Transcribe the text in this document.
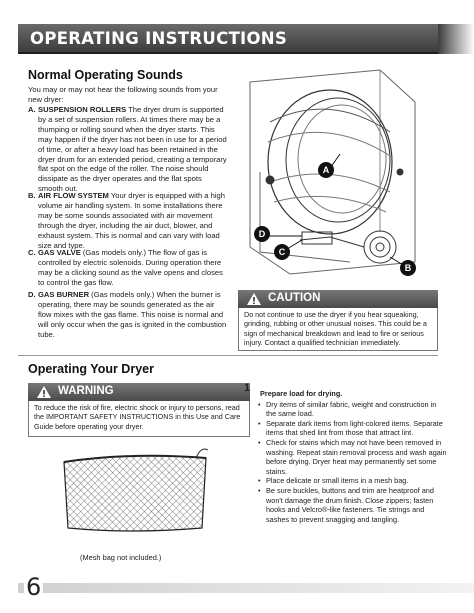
OPERATING INSTRUCTIONS
Normal Operating Sounds
You may or may not hear the following sounds from your new dryer:
A. SUSPENSION ROLLERS The dryer drum is supported by a set of suspension rollers. At times there may be a thumping or rolling sound when the dryer starts. This may happen if the dryer has not been in use for a period of time, or after a heavy load has been retained in the dryer drum for an extended period, creating a temporary flat spot on the edge of the roller. The noise should dissipate as the dryer operates and the flat spots smooth out.
B. AIR FLOW SYSTEM Your dryer is equipped with a high volume air handling system. In some installations there may be some sounds associated with air movement through the dryer, including the air duct, blower, and exhaust system. This is normal and can vary with load size and type.
C. GAS VALVE (Gas models only.) The flow of gas is controlled by electric solenoids. During operation there may be a clicking sound as the valve opens and closes to control the gas flow.
D. GAS BURNER (Gas models only.) When the burner is operating, there may be sounds generated as the air flow mixes with the gas flame. This noise is normal and will only occur when the gas is ignited in the combustion tube.
A
B
C
D
CAUTION
Do not continue to use the dryer if you hear squeaking, grinding, rubbing or other unusual noises. This could be a sign of mechanical breakdown and lead to fire or serious injury. Contact a qualified technician immediately.
Operating Your Dryer
WARNING
To reduce the risk of fire, electric shock or injury to persons, read the IMPORTANT SAFETY INSTRUCTIONS in this Use and Care Guide before operating your dryer.
(Mesh bag not included.)
1 Prepare load for drying.
• Dry items of similar fabric, weight and construction in the same load.
• Separate dark items from light-colored items. Separate items that shed lint from those that attract lint.
• Check for stains which may not have been removed in washing. Repeat stain removal process and wash again before drying. Dryer heat may permanently set some stains.
• Place delicate or small items in a mesh bag.
• Be sure buckles, buttons and trim are heatproof and won't damage the drum finish. Close zippers; fasten hooks and Velcro®-like fasteners. Tie strings and sashes to prevent snagging and tangling.
6
